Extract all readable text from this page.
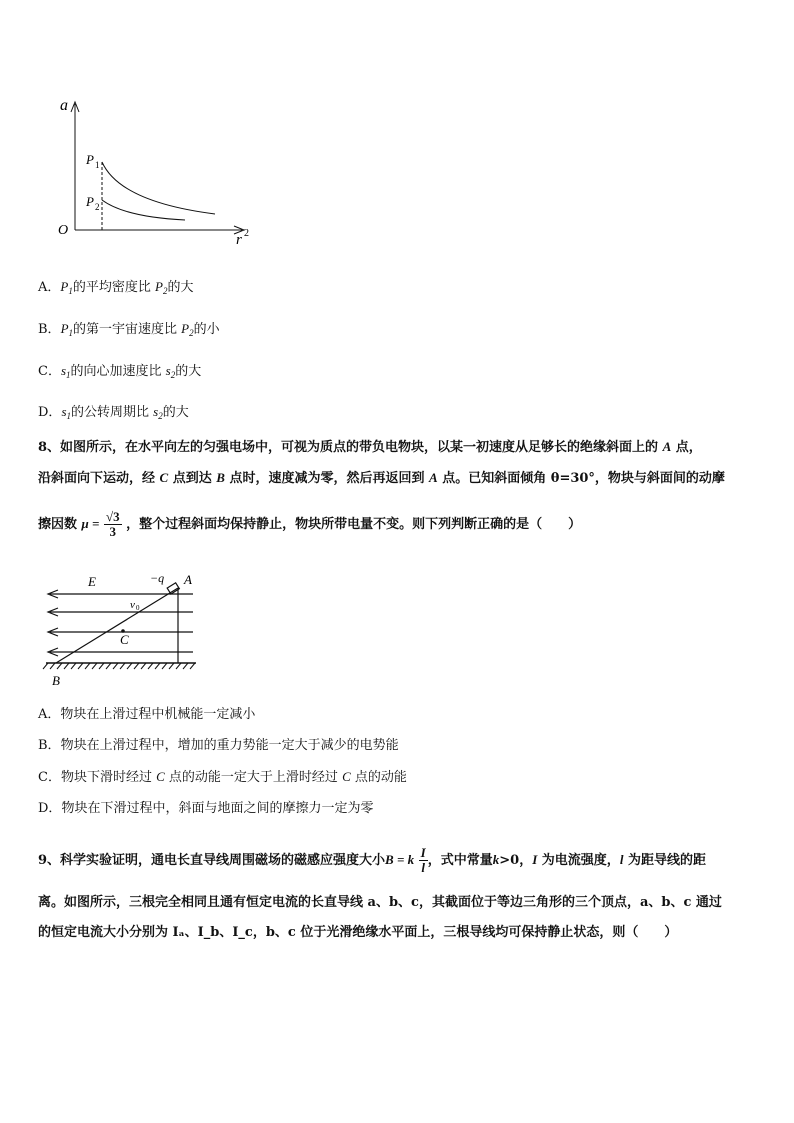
a
O
r 2
P 1
P 2
A．$P_1$的平均密度比 $P_2$的大
B．$P_1$的第一宇宙速度比 $P_2$的小
C．$s_1$的向心加速度比 $s_2$的大
D．$s_1$的公转周期比 $s_2$的大
8、如图所示，在水平向左的匀强电场中，可视为质点的带负电物块，以某一初速度从足够长的绝缘斜面上的 A 点，
沿斜面向下运动，经 C 点到达 B 点时，速度减为零，然后再返回到 A 点。已知斜面倾角 θ=30°，物块与斜面间的动摩
擦因数 $\mu = \frac{√3}{3}$ ，整个过程斜面均保持静止，物块所带电量不变。则下列判断正确的是（　　）
E	−q A
v 0
C
B
A．物块在上滑过程中机械能一定减小
B．物块在上滑过程中，增加的重力势能一定大于减少的电势能
C．物块下滑时经过 C 点的动能一定大于上滑时经过 C 点的动能
D．物块在下滑过程中，斜面与地面之间的摩擦力一定为零
9、科学实验证明，通电长直导线周围磁场的磁感应强度大小B = k $\frac{I}{l}$ ，式中常量k>0，I 为电流强度，l 为距导线的距
离。如图所示，三根完全相同且通有恒定电流的长直导线 a、b、c，其截面位于等边三角形的三个顶点，a、b、c 通过
的恒定电流大小分别为 Iₐ、I_b、I_c，b、c 位于光滑绝缘水平面上，三根导线均可保持静止状态，则（　　）
